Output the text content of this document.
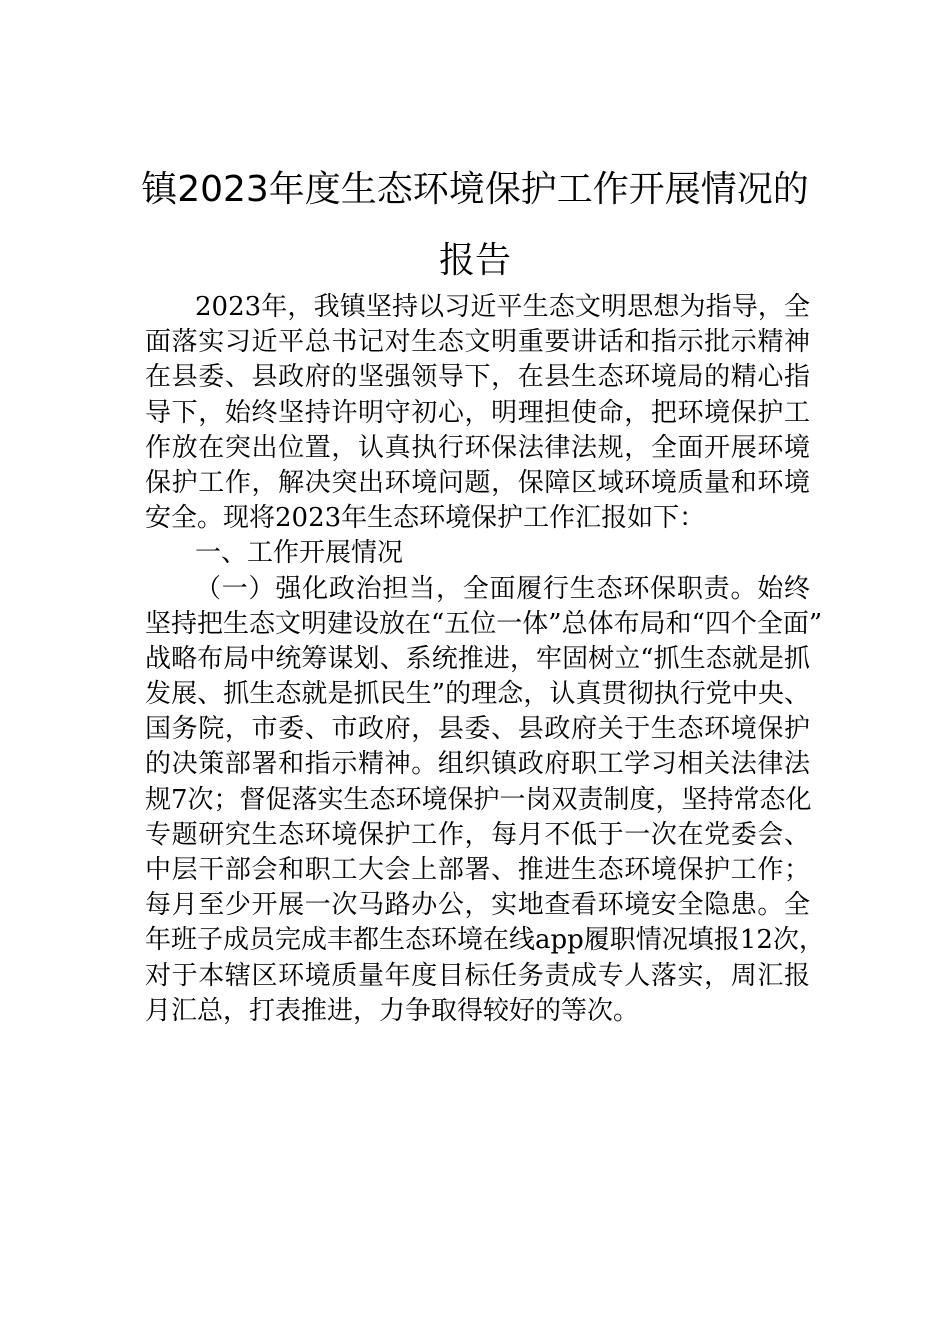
镇2023年度生态环境保护工作开展情况的
报告
2023年，我镇坚持以习近平生态文明思想为指导，全
面落实习近平总书记对生态文明重要讲话和指示批示精神
在县委、县政府的坚强领导下，在县生态环境局的精心指
导下，始终坚持许明守初心，明理担使命，把环境保护工
作放在突出位置，认真执行环保法律法规，全面开展环境
保护工作，解决突出环境问题，保障区域环境质量和环境
安全。现将2023年生态环境保护工作汇报如下：
一、工作开展情况
（一）强化政治担当，全面履行生态环保职责。始终
坚持把生态文明建设放在“五位一体”总体布局和“四个全面”
战略布局中统筹谋划、系统推进，牢固树立“抓生态就是抓
发展、抓生态就是抓民生”的理念，认真贯彻执行党中央、
国务院，市委、市政府，县委、县政府关于生态环境保护
的决策部署和指示精神。组织镇政府职工学习相关法律法
规7次；督促落实生态环境保护一岗双责制度，坚持常态化
专题研究生态环境保护工作，每月不低于一次在党委会、
中层干部会和职工大会上部署、推进生态环境保护工作；
每月至少开展一次马路办公，实地查看环境安全隐患。全
年班子成员完成丰都生态环境在线app履职情况填报12次，
对于本辖区环境质量年度目标任务责成专人落实，周汇报
月汇总，打表推进，力争取得较好的等次。
